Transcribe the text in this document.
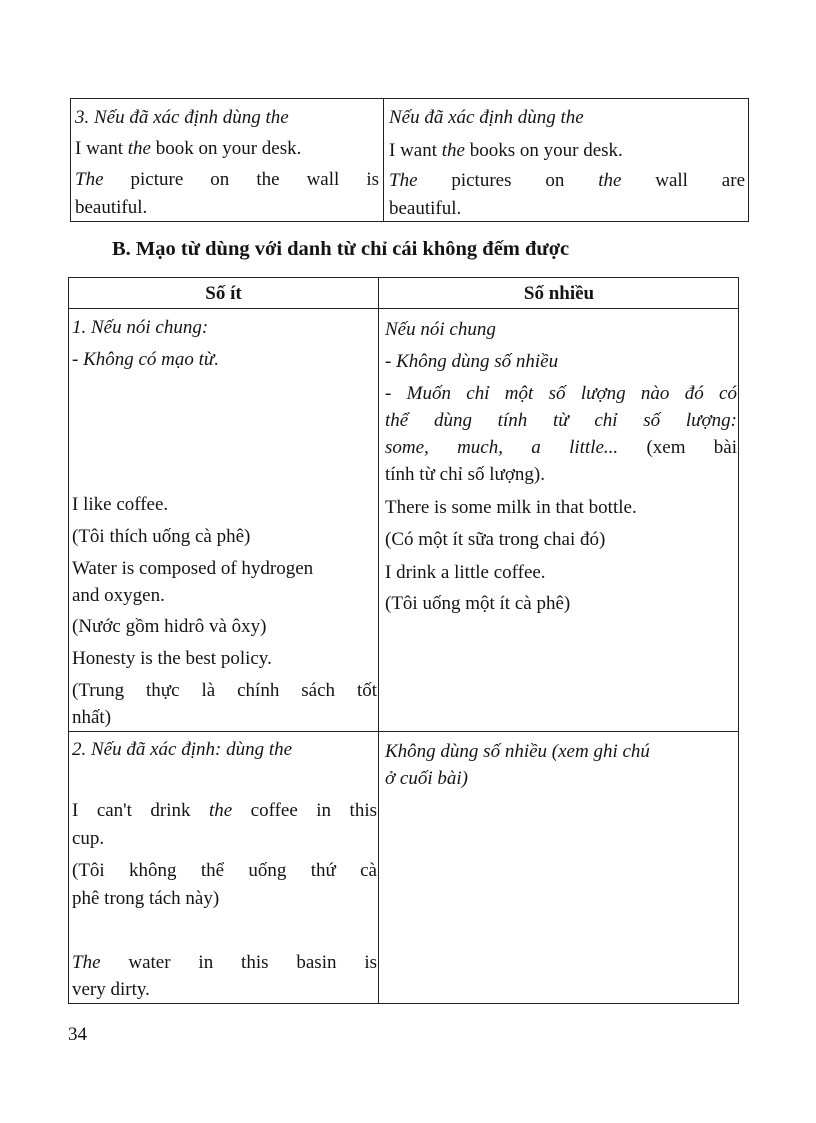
3. Nếu đã xác định dùng the
I want the book on your desk.
The picture on the wall is
beautiful.
Nếu đã xác định dùng the
I want the books on your desk.
The pictures on the wall are
beautiful.
B. Mạo từ dùng với danh từ chỉ cái không đếm được
Số ít	Số nhiều
1. Nếu nói chung:
- Không có mạo từ.
I like coffee.
(Tôi thích uống cà phê)
Water is composed of hydrogen
and oxygen.
(Nước gồm hidrô và ôxy)
Honesty is the best policy.
(Trung thực là chính sách tốt
nhất)
Nếu nói chung
- Không dùng số nhiều
- Muốn chỉ một số lượng nào đó có
thể dùng tính từ chỉ số lượng:
some, much, a little... (xem bài
tính từ chỉ số lượng).
There is some milk in that bottle.
(Có một ít sữa trong chai đó)
I drink a little coffee.
(Tôi uống một ít cà phê)
2. Nếu đã xác định: dùng the
I can't drink the coffee in this
cup.
(Tôi không thể uống thứ cà
phê trong tách này)
The water in this basin is
very dirty.
Không dùng số nhiều (xem ghi chú
ở cuối bài)
34
